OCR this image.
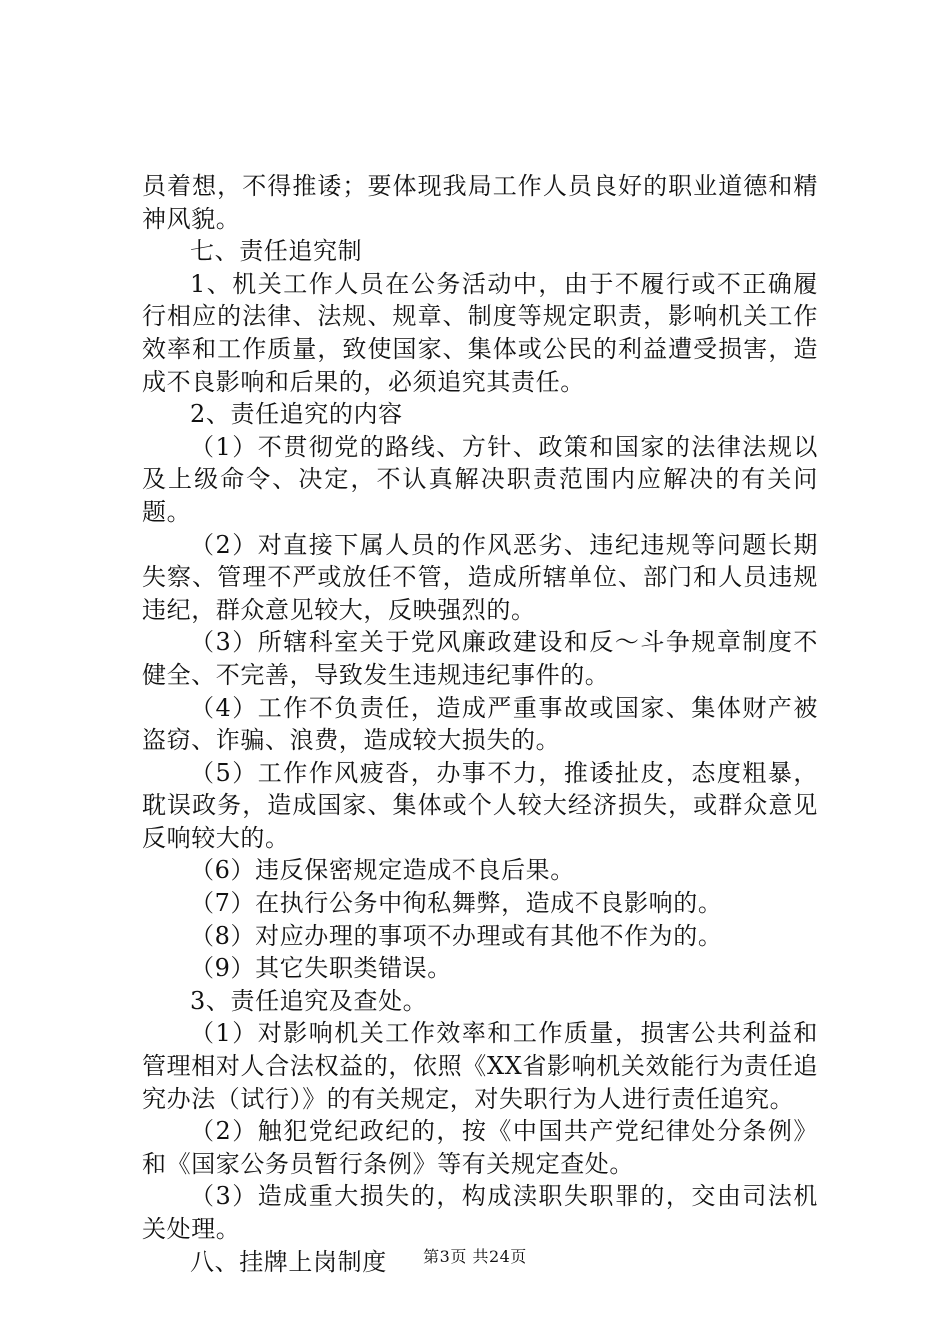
员着想，不得推诿；要体现我局工作人员良好的职业道德和精神风貌。

七、责任追究制

1、机关工作人员在公务活动中，由于不履行或不正确履行相应的法律、法规、规章、制度等规定职责，影响机关工作效率和工作质量，致使国家、集体或公民的利益遭受损害，造成不良影响和后果的，必须追究其责任。

2、责任追究的内容

（1）不贯彻党的路线、方针、政策和国家的法律法规以及上级命令、决定，不认真解决职责范围内应解决的有关问题。

（2）对直接下属人员的作风恶劣、违纪违规等问题长期失察、管理不严或放任不管，造成所辖单位、部门和人员违规违纪，群众意见较大，反映强烈的。

（3）所辖科室关于党风廉政建设和反～斗争规章制度不健全、不完善，导致发生违规违纪事件的。

（4）工作不负责任，造成严重事故或国家、集体财产被盗窃、诈骗、浪费，造成较大损失的。

（5）工作作风疲沓，办事不力，推诿扯皮，态度粗暴，耽误政务，造成国家、集体或个人较大经济损失，或群众意见反响较大的。

（6）违反保密规定造成不良后果。

（7）在执行公务中徇私舞弊，造成不良影响的。

（8）对应办理的事项不办理或有其他不作为的。

（9）其它失职类错误。

3、责任追究及查处。

（1）对影响机关工作效率和工作质量，损害公共利益和管理相对人合法权益的，依照《XX省影响机关效能行为责任追究办法（试行）》的有关规定，对失职行为人进行责任追究。

（2）触犯党纪政纪的，按《中国共产党纪律处分条例》和《国家公务员暂行条例》等有关规定查处。

（3）造成重大损失的，构成渎职失职罪的，交由司法机关处理。

八、挂牌上岗制度	第3页 共24页
